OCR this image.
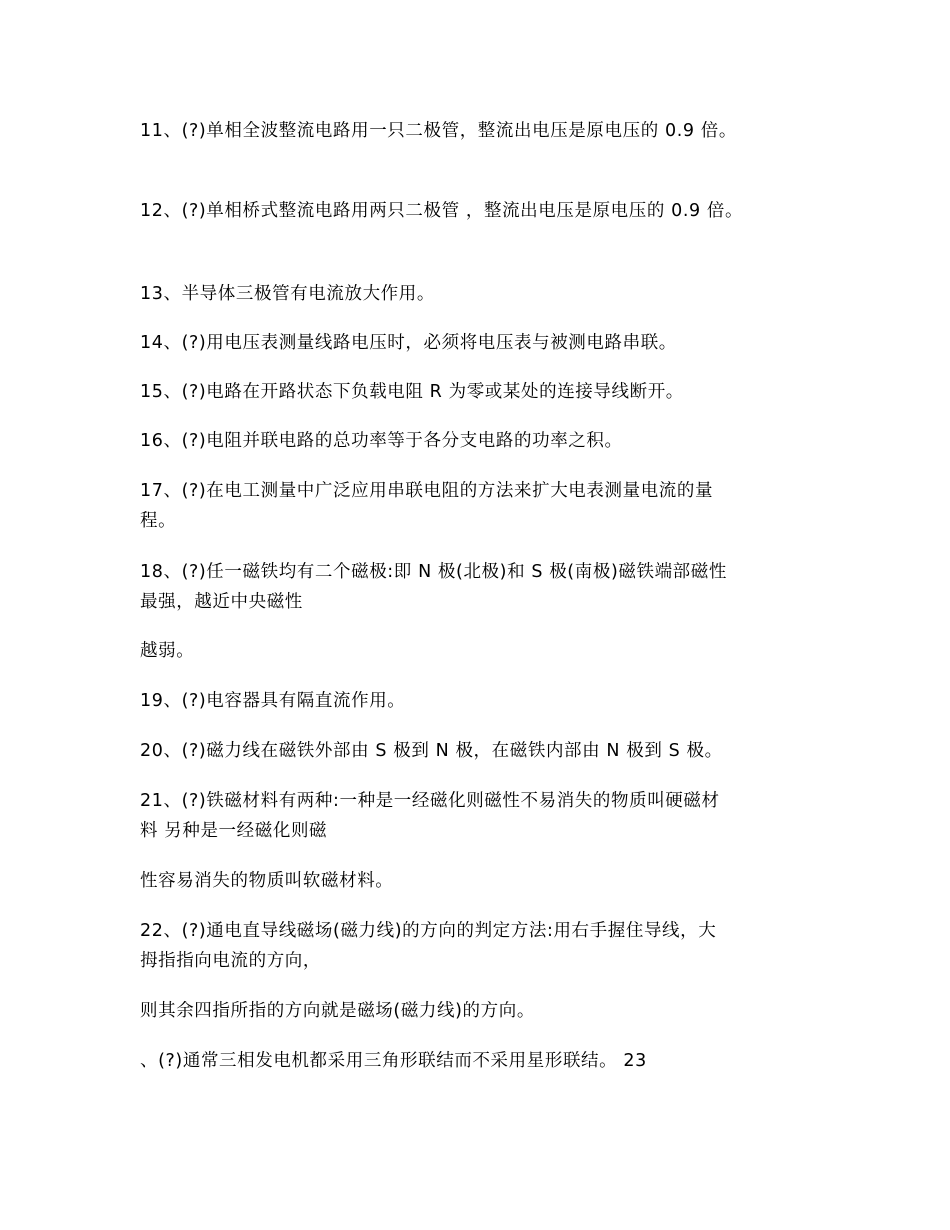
11、(?)单相全波整流电路用一只二极管，整流出电压是原电压的 0.9 倍。

12、(?)单相桥式整流电路用两只二极管 ，整流出电压是原电压的 0.9 倍。

13、半导体三极管有电流放大作用。

14、(?)用电压表测量线路电压时，必须将电压表与被测电路串联。

15、(?)电路在开路状态下负载电阻 R 为零或某处的连接导线断开。

16、(?)电阻并联电路的总功率等于各分支电路的功率之积。

17、(?)在电工测量中广泛应用串联电阻的方法来扩大电表测量电流的量

程。

18、(?)任一磁铁均有二个磁极:即 N 极(北极)和 S 极(南极)磁铁端部磁性

最强，越近中央磁性

越弱。

19、(?)电容器具有隔直流作用。

20、(?)磁力线在磁铁外部由 S 极到 N 极，在磁铁内部由 N 极到 S 极。

21、(?)铁磁材料有两种:一种是一经磁化则磁性不易消失的物质叫硬磁材

料 另种是一经磁化则磁

性容易消失的物质叫软磁材料。

22、(?)通电直导线磁场(磁力线)的方向的判定方法:用右手握住导线，大

拇指指向电流的方向，

则其余四指所指的方向就是磁场(磁力线)的方向。

、(?)通常三相发电机都采用三角形联结而不采用星形联结。 23
